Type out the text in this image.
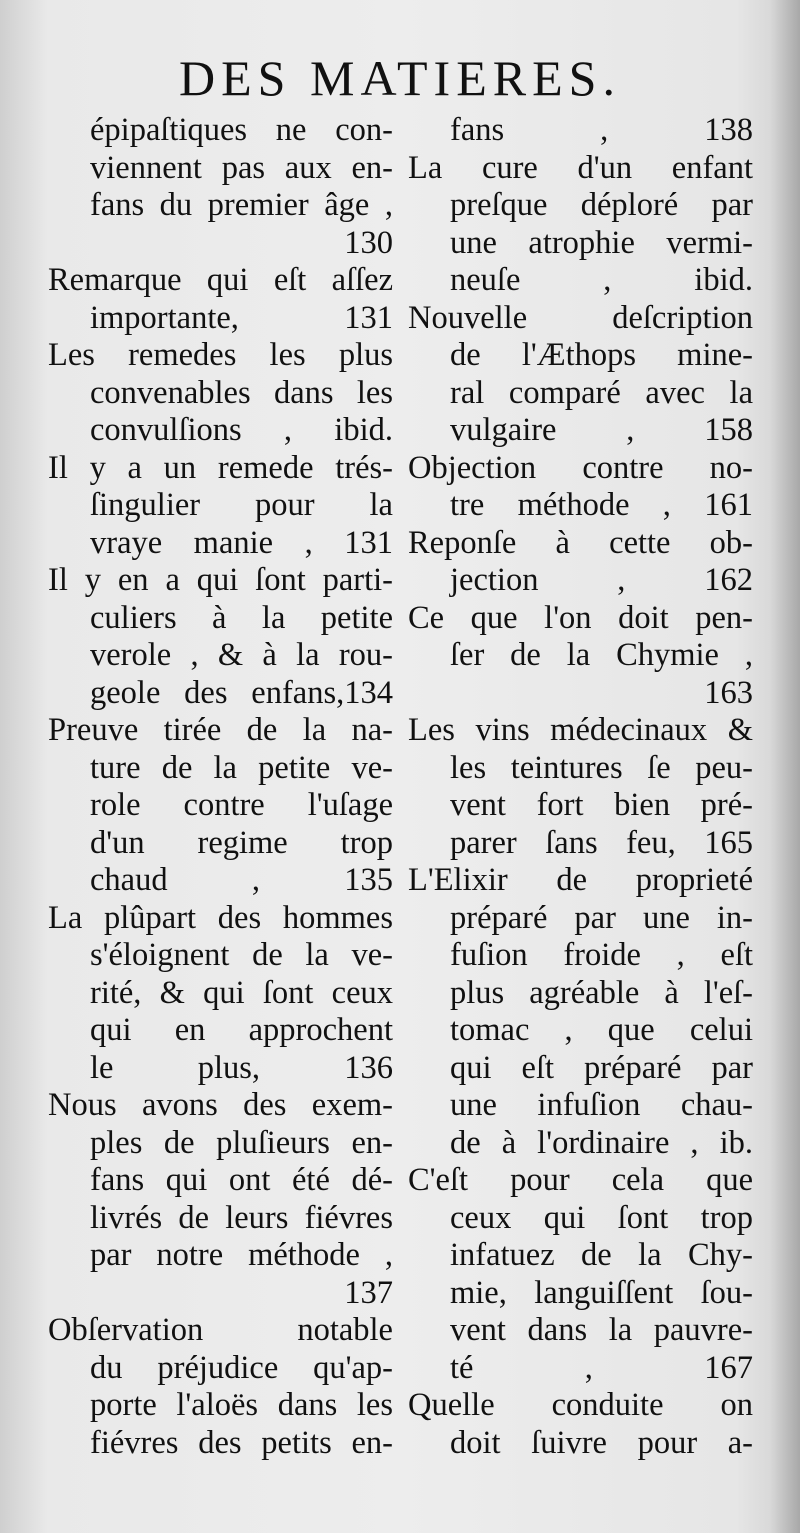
DES MATIERES.
épipaſtiques ne con-
viennent pas aux en-
fans du premier âge ,
130
Remarque qui eſt aſſez
importante, 131
Les remedes les plus
convenables dans les
convulſions , ibid.
Il y a un remede trés-
ſingulier pour la
vraye manie , 131
Il y en a qui ſont parti-
culiers à la petite
verole , & à la rou-
geole des enfans,134
Preuve tirée de la na-
ture de la petite ve-
role contre l'uſage
d'un regime trop
chaud , 135
La plûpart des hommes
s'éloignent de la ve-
rité, & qui ſont ceux
qui en approchent
le plus, 136
Nous avons des exem-
ples de pluſieurs en-
fans qui ont été dé-
livrés de leurs fiévres
par notre méthode ,
137
Obſervation notable
du préjudice qu'ap-
porte l'aloës dans les
fiévres des petits en-
fans , 138
La cure d'un enfant
preſque déploré par
une atrophie vermi-
neuſe , ibid.
Nouvelle deſcription
de l'Æthops mine-
ral comparé avec la
vulgaire , 158
Objection contre no-
tre méthode , 161
Reponſe à cette ob-
jection , 162
Ce que l'on doit pen-
ſer de la Chymie ,
163
Les vins médecinaux &
les teintures ſe peu-
vent fort bien pré-
parer ſans feu, 165
L'Elixir de proprieté
préparé par une in-
fuſion froide , eſt
plus agréable à l'eſ-
tomac , que celui
qui eſt préparé par
une infuſion chau-
de à l'ordinaire , ib.
C'eſt pour cela que
ceux qui ſont trop
infatuez de la Chy-
mie, languiſſent ſou-
vent dans la pauvre-
té , 167
Quelle conduite on
doit ſuivre pour a-
